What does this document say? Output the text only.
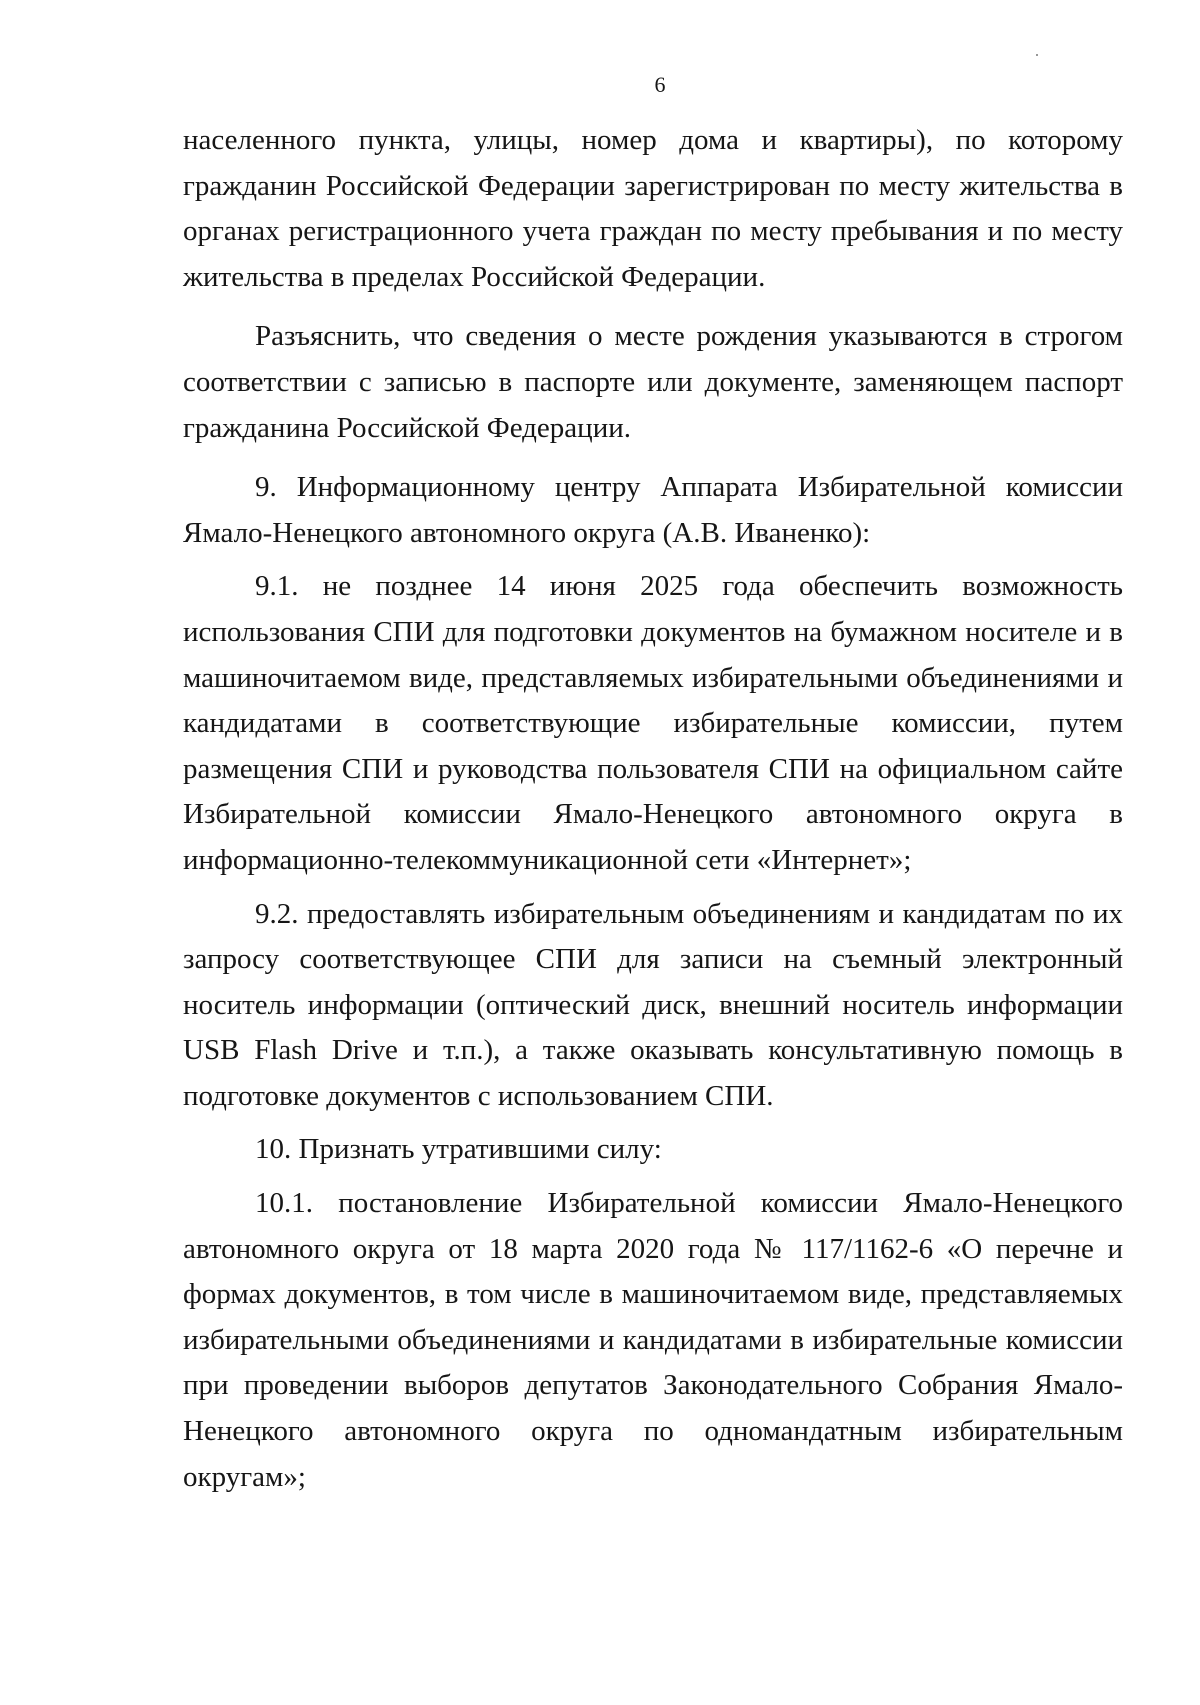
6

населенного пункта, улицы, номер дома и квартиры), по которому гражданин Российской Федерации зарегистрирован по месту жительства в органах регистрационного учета граждан по месту пребывания и по месту жительства в пределах Российской Федерации.

Разъяснить, что сведения о месте рождения указываются в строгом соответствии с записью в паспорте или документе, заменяющем паспорт гражданина Российской Федерации.

9. Информационному центру Аппарата Избирательной комиссии Ямало-Ненецкого автономного округа (А.В. Иваненко):

9.1. не позднее 14 июня 2025 года обеспечить возможность использования СПИ для подготовки документов на бумажном носителе и в машиночитаемом виде, представляемых избирательными объединениями и кандидатами в соответствующие избирательные комиссии, путем размещения СПИ и руководства пользователя СПИ на официальном сайте Избирательной комиссии Ямало-Ненецкого автономного округа в информационно-телекоммуникационной сети «Интернет»;

9.2. предоставлять избирательным объединениям и кандидатам по их запросу соответствующее СПИ для записи на съемный электронный носитель информации (оптический диск, внешний носитель информации USB Flash Drive и т.п.), а также оказывать консультативную помощь в подготовке документов с использованием СПИ.

10. Признать утратившими силу:

10.1. постановление Избирательной комиссии Ямало-Ненецкого автономного округа от 18 марта 2020 года № 117/1162-6 «О перечне и формах документов, в том числе в машиночитаемом виде, представляемых избирательными объединениями и кандидатами в избирательные комиссии при проведении выборов депутатов Законодательного Собрания Ямало-Ненецкого автономного округа по одномандатным избирательным округам»;
